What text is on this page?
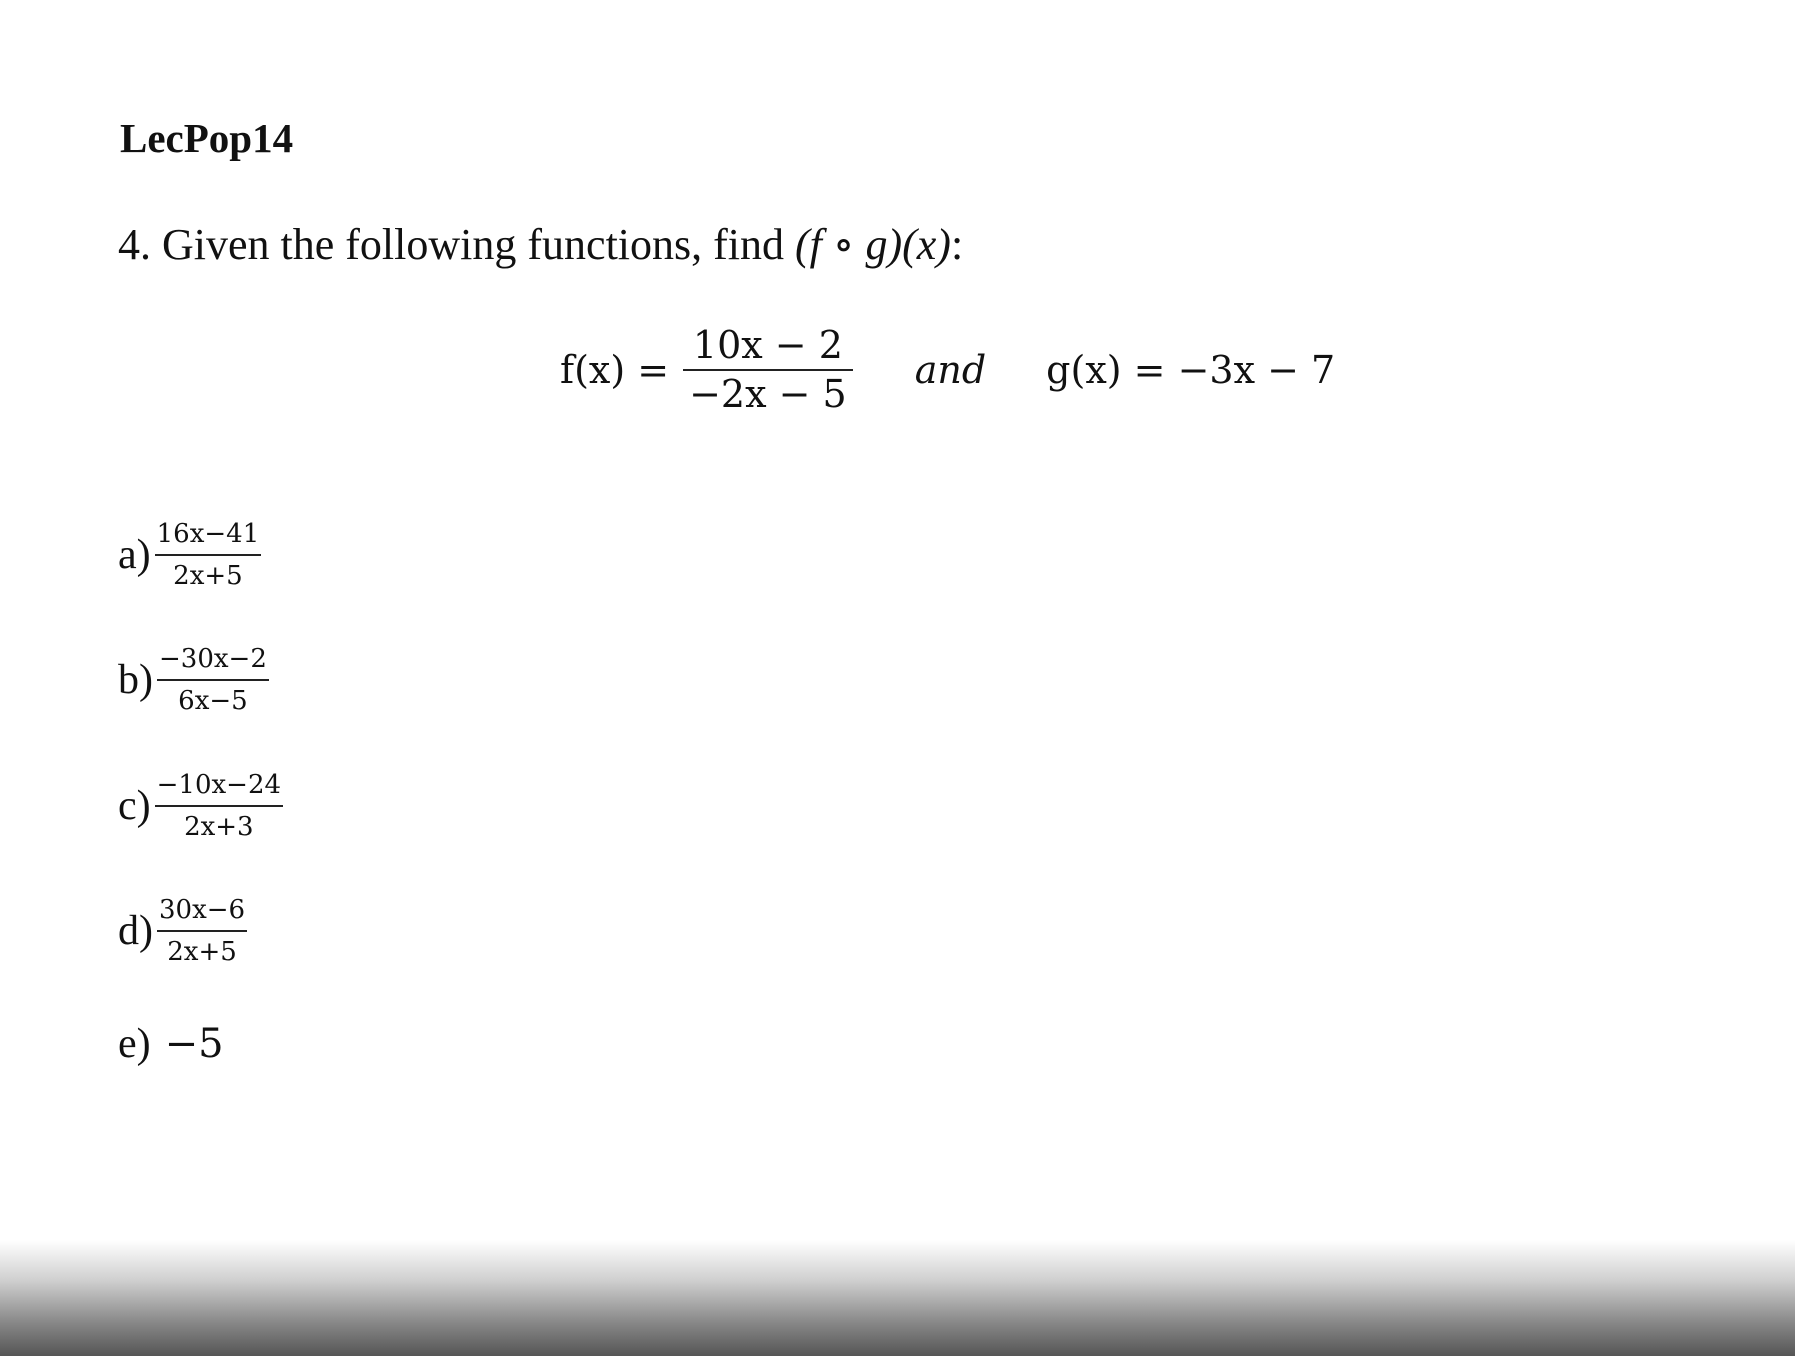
LecPop14
4. Given the following functions, find (f ∘ g)(x):
$f(x) = \frac{10x - 2}{-2x - 5}$ and g(x) = −3x − 7
$a) \frac{16x-41}{2x+5}$
$b) \frac{-30x-2}{6x-5}$
$c) \frac{-10x-24}{2x+3}$
$d) \frac{30x-6}{2x+5}$
e) −5
